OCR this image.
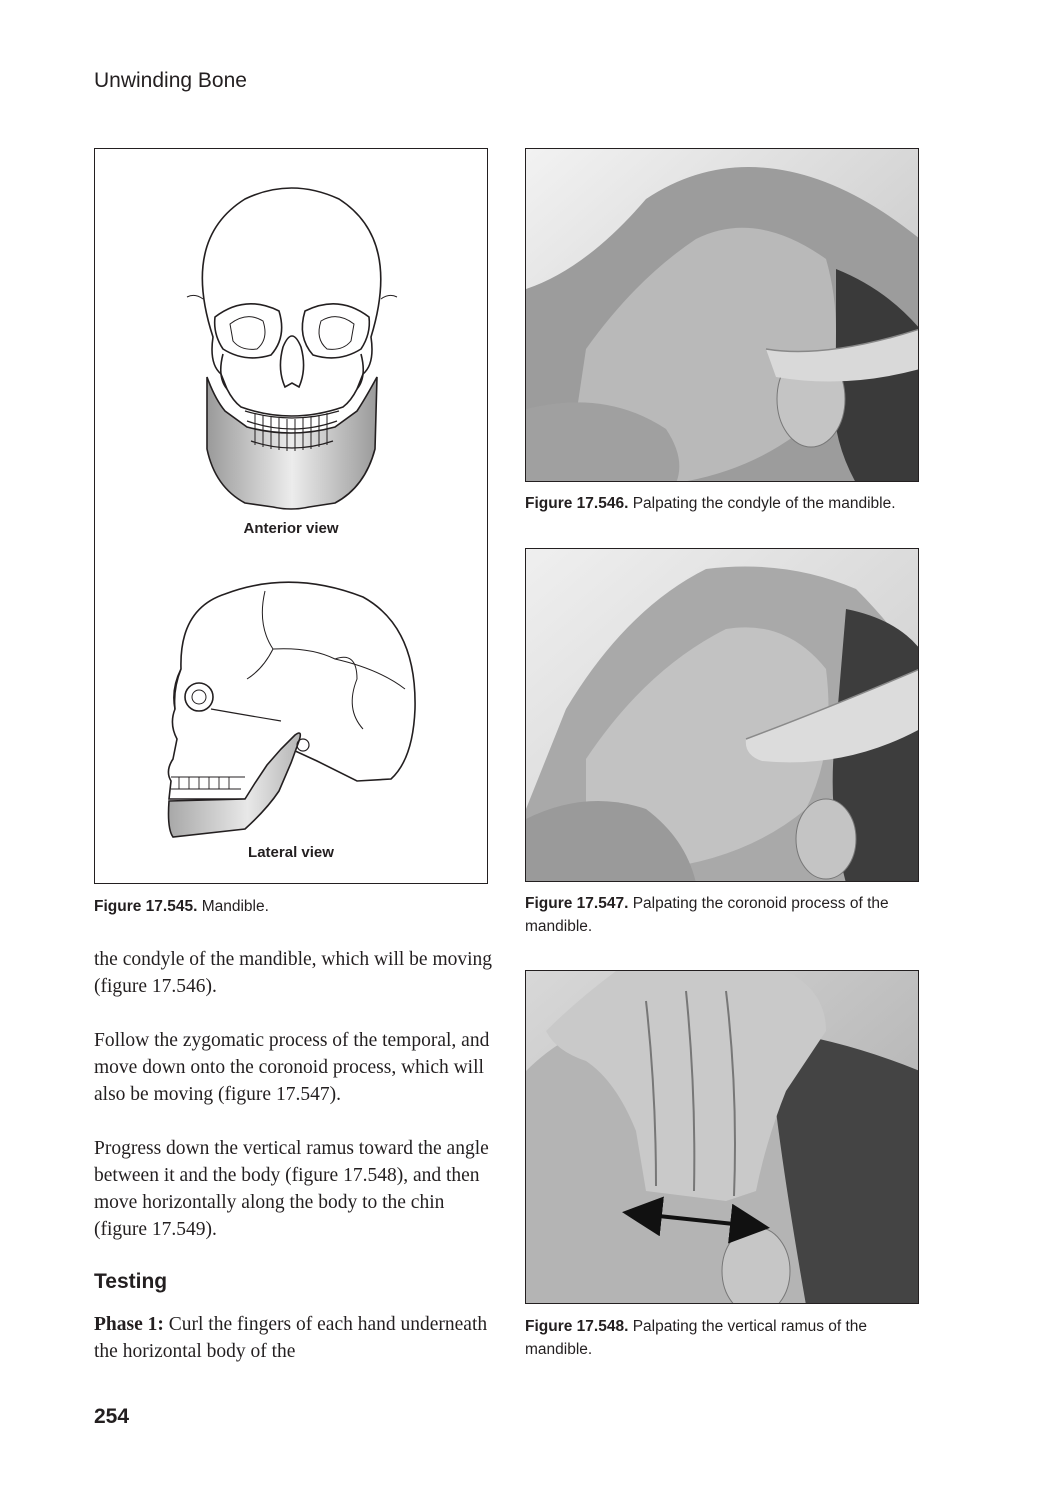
Unwinding Bone
Anterior view
Lateral view
Figure 17.545. Mandible.
Figure 17.546. Palpating the condyle of the mandible.
Figure 17.547. Palpating the coronoid process of the mandible.
Figure 17.548. Palpating the vertical ramus of the mandible.

the condyle of the mandible, which will be moving (figure 17.546).

Follow the zygomatic process of the temporal, and move down onto the coronoid process, which will also be moving (figure 17.547).

Progress down the vertical ramus toward the angle between it and the body (figure 17.548), and then move horizontally along the body to the chin (figure 17.549).

Testing

Phase 1: Curl the fingers of each hand underneath the horizontal body of the

254
